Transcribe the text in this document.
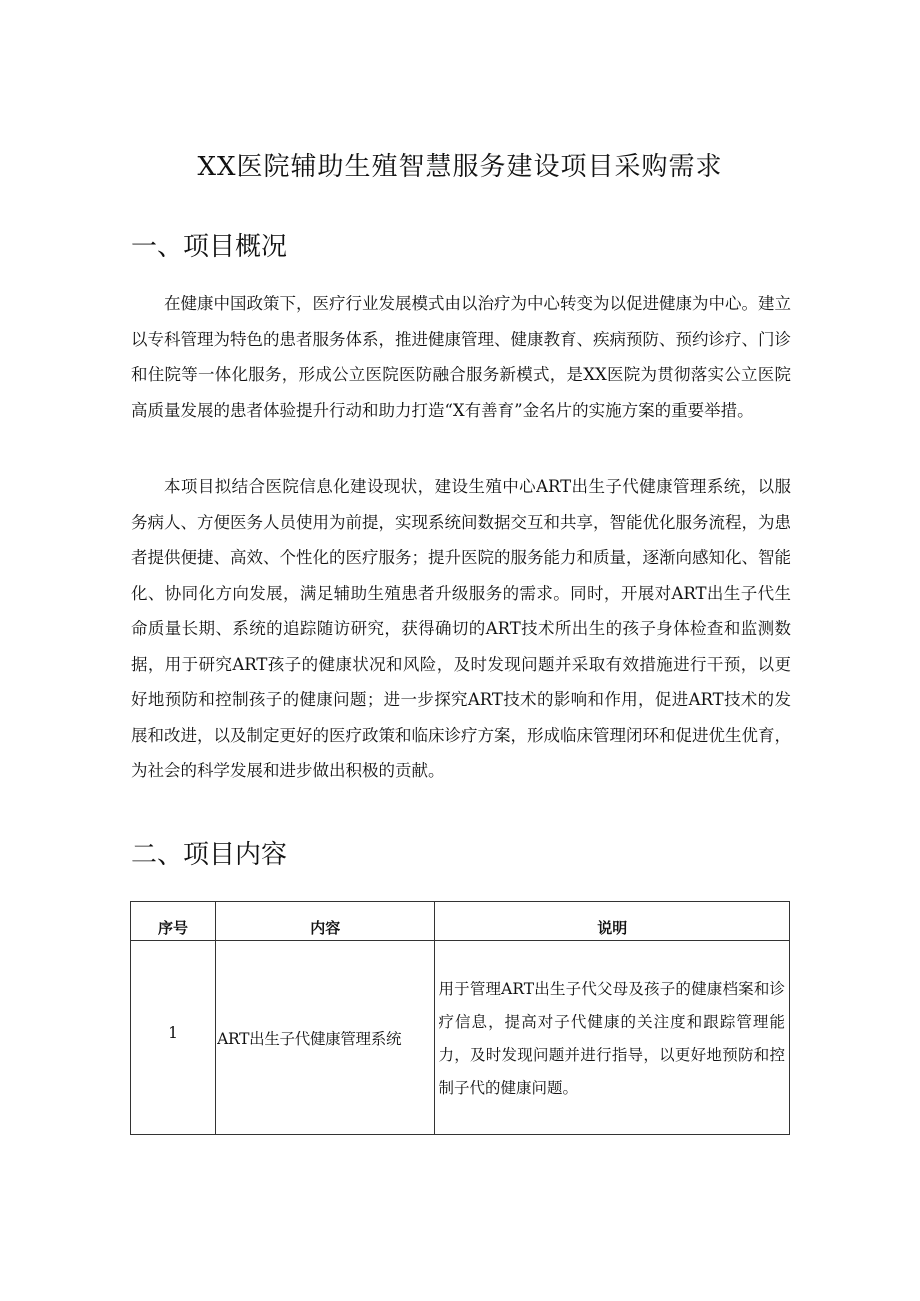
XX医院辅助生殖智慧服务建设项目采购需求
一、项目概况

在健康中国政策下，医疗行业发展模式由以治疗为中心转变为以促进健康为中心。建立以专科管理为特色的患者服务体系，推进健康管理、健康教育、疾病预防、预约诊疗、门诊和住院等一体化服务，形成公立医院医防融合服务新模式，是XX医院为贯彻落实公立医院高质量发展的患者体验提升行动和助力打造“X有善育”金名片的实施方案的重要举措。

本项目拟结合医院信息化建设现状，建设生殖中心ART出生子代健康管理系统，以服务病人、方便医务人员使用为前提，实现系统间数据交互和共享，智能优化服务流程，为患者提供便捷、高效、个性化的医疗服务；提升医院的服务能力和质量，逐渐向感知化、智能化、协同化方向发展，满足辅助生殖患者升级服务的需求。同时，开展对ART出生子代生命质量长期、系统的追踪随访研究，获得确切的ART技术所出生的孩子身体检查和监测数据，用于研究ART孩子的健康状况和风险，及时发现问题并采取有效措施进行干预，以更好地预防和控制孩子的健康问题；进一步探究ART技术的影响和作用，促进ART技术的发展和改进，以及制定更好的医疗政策和临床诊疗方案，形成临床管理闭环和促进优生优育，为社会的科学发展和进步做出积极的贡献。

二、项目内容
序号	内容	说明
1	ART出生子代健康管理系统	用于管理ART出生子代父母及孩子的健康档案和诊疗信息，提高对子代健康的关注度和跟踪管理能力，及时发现问题并进行指导，以更好地预防和控制子代的健康问题。
